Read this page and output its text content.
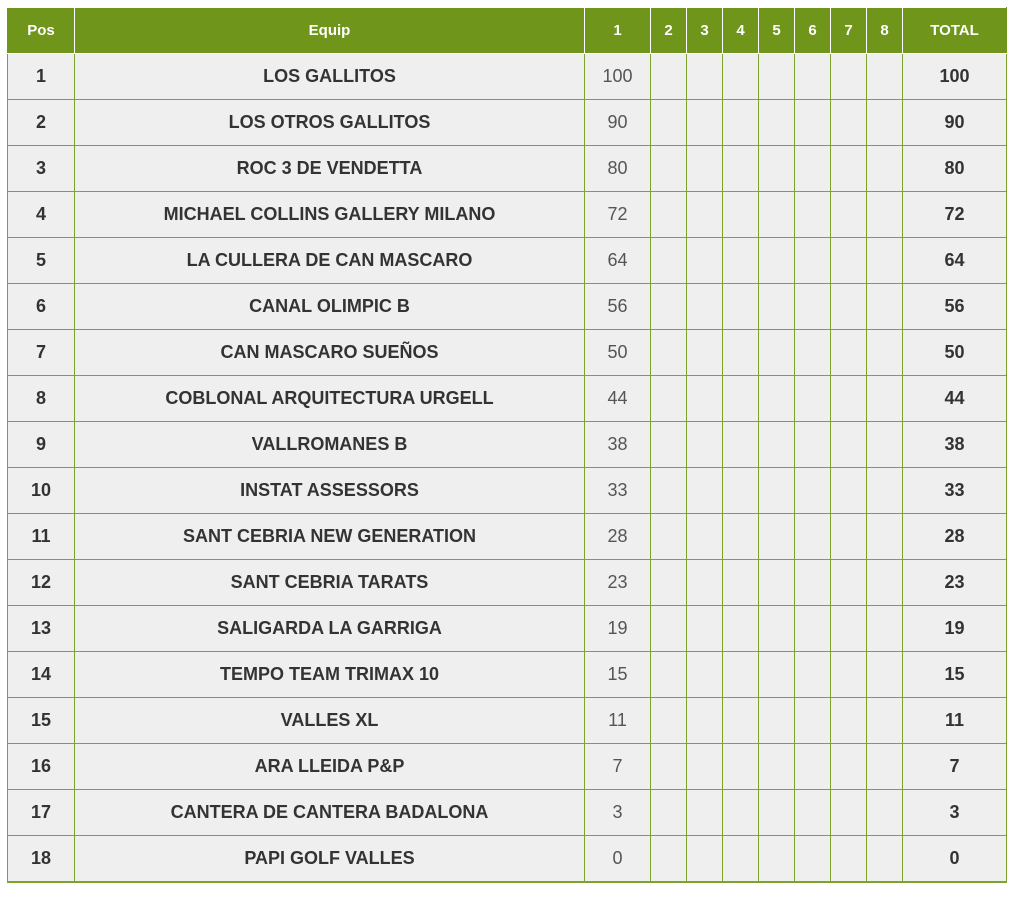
Pos	Equip	1	2	3	4	5	6	7	8	TOTAL
1	LOS GALLITOS	100								100
2	LOS OTROS GALLITOS	90								90
3	ROC 3 DE VENDETTA	80								80
4	MICHAEL COLLINS GALLERY MILANO	72								72
5	LA CULLERA DE CAN MASCARO	64								64
6	CANAL OLIMPIC B	56								56
7	CAN MASCARO SUEÑOS	50								50
8	COBLONAL ARQUITECTURA URGELL	44								44
9	VALLROMANES B	38								38
10	INSTAT ASSESSORS	33								33
11	SANT CEBRIA NEW GENERATION	28								28
12	SANT CEBRIA TARATS	23								23
13	SALIGARDA LA GARRIGA	19								19
14	TEMPO TEAM TRIMAX 10	15								15
15	VALLES XL	11								11
16	ARA LLEIDA P&P	7								7
17	CANTERA DE CANTERA BADALONA	3								3
18	PAPI GOLF VALLES	0								0
